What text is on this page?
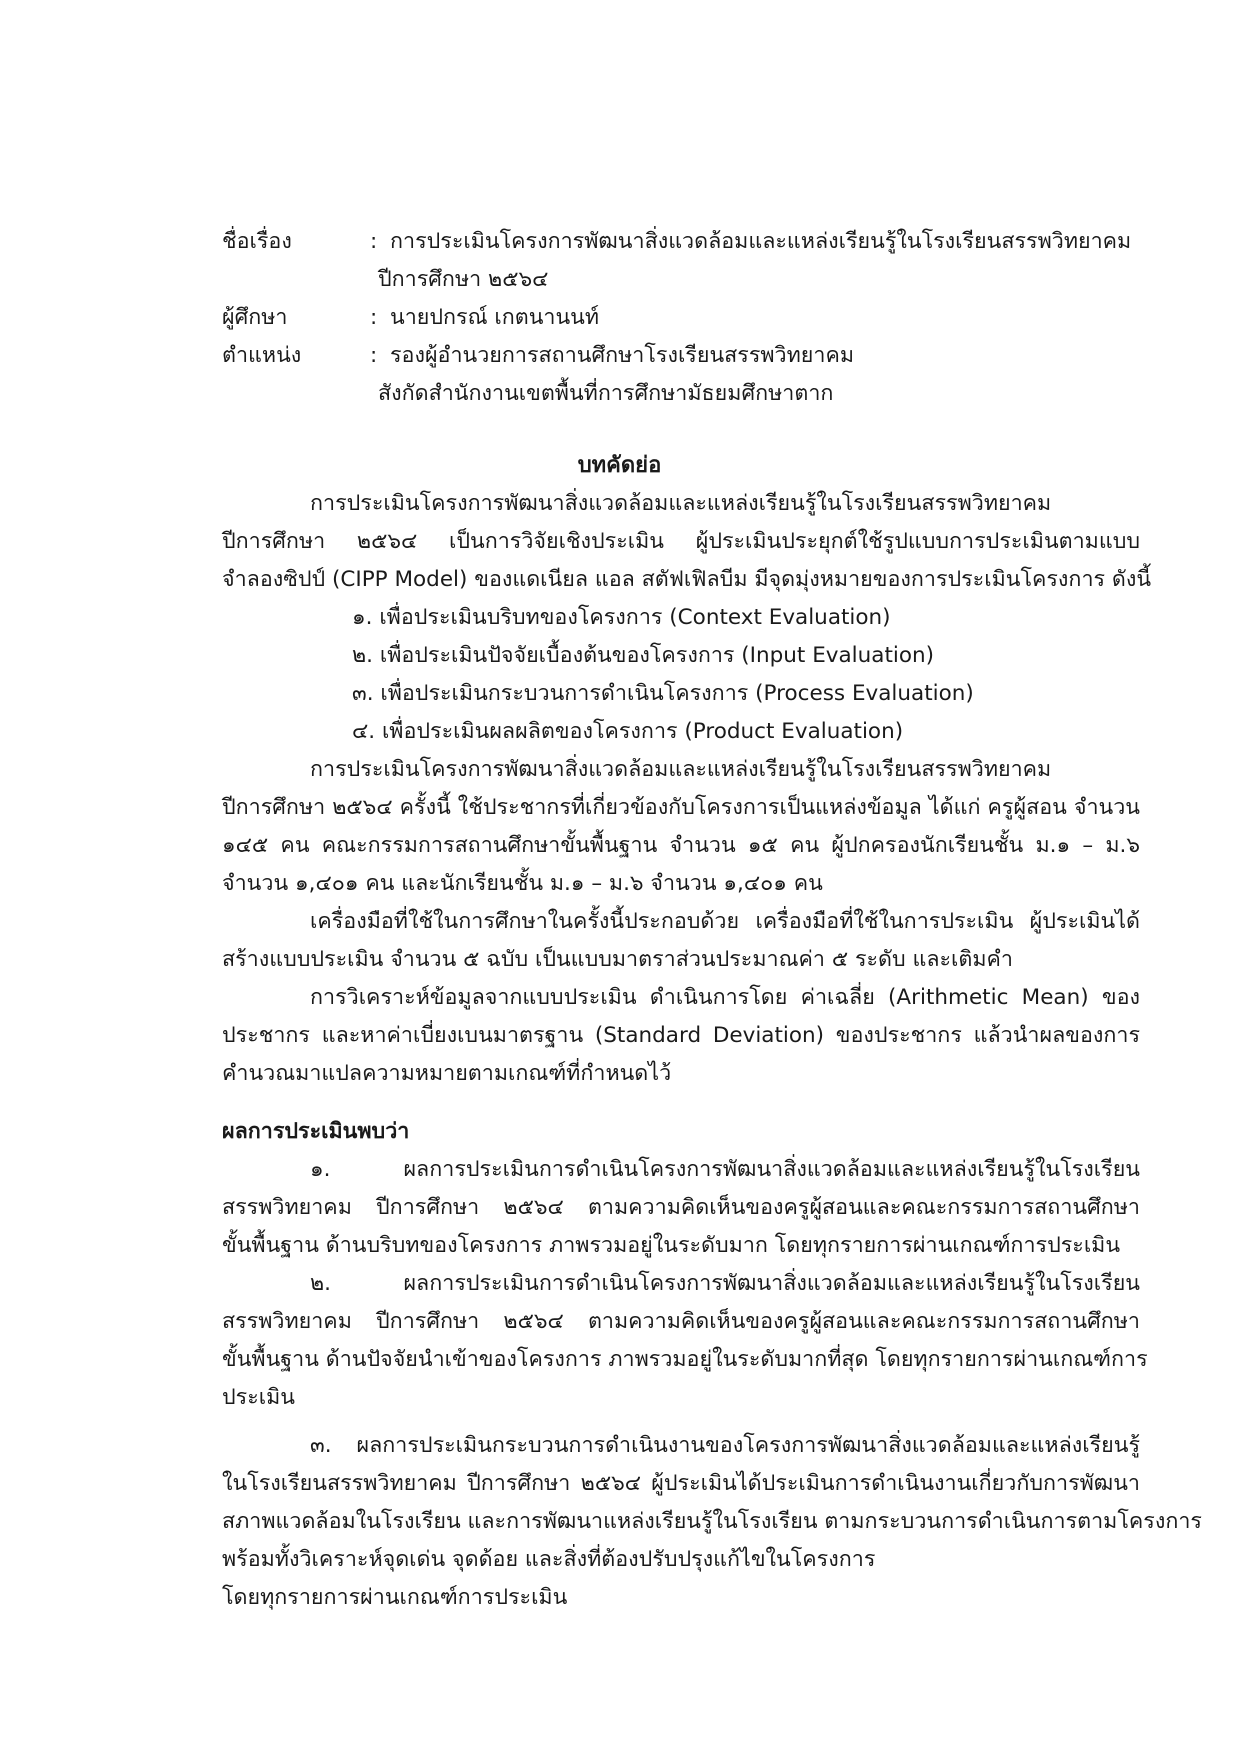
ชื่อเรื่อง	: การประเมินโครงการพัฒนาสิ่งแวดล้อมและแหล่งเรียนรู้ในโรงเรียนสรรพวิทยาคม
ปีการศึกษา ๒๕๖๔
ผู้ศึกษา	: นายปกรณ์ เกตนานนท์
ตำแหน่ง	: รองผู้อำนวยการสถานศึกษาโรงเรียนสรรพวิทยาคม
สังกัดสำนักงานเขตพื้นที่การศึกษามัธยมศึกษาตาก
บทคัดย่อ
การประเมินโครงการพัฒนาสิ่งแวดล้อมและแหล่งเรียนรู้ในโรงเรียนสรรพวิทยาคม
ปีการศึกษา ๒๕๖๔ เป็นการวิจัยเชิงประเมิน ผู้ประเมินประยุกต์ใช้รูปแบบการประเมินตามแบบ
จำลองซิปป์ (CIPP Model) ของแดเนียล แอล สตัฟเฟิลบีม มีจุดมุ่งหมายของการประเมินโครงการ ดังนี้
๑. เพื่อประเมินบริบทของโครงการ (Context Evaluation)
๒. เพื่อประเมินปัจจัยเบื้องต้นของโครงการ (Input Evaluation)
๓. เพื่อประเมินกระบวนการดำเนินโครงการ (Process Evaluation)
๔. เพื่อประเมินผลผลิตของโครงการ (Product Evaluation)
การประเมินโครงการพัฒนาสิ่งแวดล้อมและแหล่งเรียนรู้ในโรงเรียนสรรพวิทยาคม
ปีการศึกษา ๒๕๖๔ ครั้งนี้ ใช้ประชากรที่เกี่ยวข้องกับโครงการเป็นแหล่งข้อมูล ได้แก่ ครูผู้สอน จำนวน
๑๔๕ คน คณะกรรมการสถานศึกษาขั้นพื้นฐาน จำนวน ๑๕ คน ผู้ปกครองนักเรียนชั้น ม.๑ – ม.๖
จำนวน ๑,๔๐๑ คน และนักเรียนชั้น ม.๑ – ม.๖ จำนวน ๑,๔๐๑ คน
เครื่องมือที่ใช้ในการศึกษาในครั้งนี้ประกอบด้วย เครื่องมือที่ใช้ในการประเมิน ผู้ประเมินได้
สร้างแบบประเมิน จำนวน ๕ ฉบับ เป็นแบบมาตราส่วนประมาณค่า ๕ ระดับ และเติมคำ
การวิเคราะห์ข้อมูลจากแบบประเมิน ดำเนินการโดย ค่าเฉลี่ย (Arithmetic Mean) ของ
ประชากร และหาค่าเบี่ยงเบนมาตรฐาน (Standard Deviation) ของประชากร แล้วนำผลของการ
คำนวณมาแปลความหมายตามเกณฑ์ที่กำหนดไว้
ผลการประเมินพบว่า
๑. ผลการประเมินการดำเนินโครงการพัฒนาสิ่งแวดล้อมและแหล่งเรียนรู้ในโรงเรียน
สรรพวิทยาคม ปีการศึกษา ๒๕๖๔ ตามความคิดเห็นของครูผู้สอนและคณะกรรมการสถานศึกษา
ขั้นพื้นฐาน ด้านบริบทของโครงการ ภาพรวมอยู่ในระดับมาก โดยทุกรายการผ่านเกณฑ์การประเมิน
๒. ผลการประเมินการดำเนินโครงการพัฒนาสิ่งแวดล้อมและแหล่งเรียนรู้ในโรงเรียน
สรรพวิทยาคม ปีการศึกษา ๒๕๖๔ ตามความคิดเห็นของครูผู้สอนและคณะกรรมการสถานศึกษา
ขั้นพื้นฐาน ด้านปัจจัยนำเข้าของโครงการ ภาพรวมอยู่ในระดับมากที่สุด โดยทุกรายการผ่านเกณฑ์การ
ประเมิน
๓. ผลการประเมินกระบวนการดำเนินงานของโครงการพัฒนาสิ่งแวดล้อมและแหล่งเรียนรู้
ในโรงเรียนสรรพวิทยาคม ปีการศึกษา ๒๕๖๔ ผู้ประเมินได้ประเมินการดำเนินงานเกี่ยวกับการพัฒนา
สภาพแวดล้อมในโรงเรียน และการพัฒนาแหล่งเรียนรู้ในโรงเรียน ตามกระบวนการดำเนินการตามโครงการ
พร้อมทั้งวิเคราะห์จุดเด่น จุดด้อย และสิ่งที่ต้องปรับปรุงแก้ไขในโครงการ
โดยทุกรายการผ่านเกณฑ์การประเมิน
